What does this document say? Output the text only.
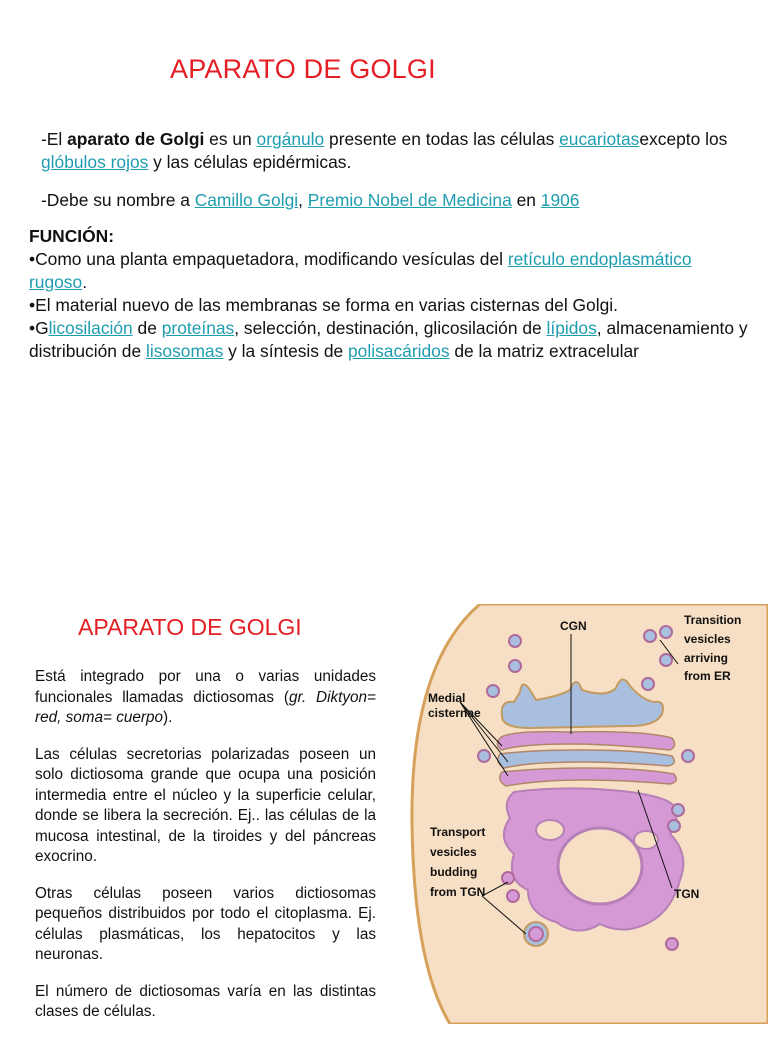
APARATO DE GOLGI

-El aparato de Golgi es un orgánulo presente en todas las células eucariotasexcepto los glóbulos rojos y las células epidérmicas.

-Debe su nombre a Camillo Golgi, Premio Nobel de Medicina en 1906

FUNCIÓN:
•Como una planta empaquetadora, modificando vesículas del retículo endoplasmático rugoso.
•El material nuevo de las membranas se forma en varias cisternas del Golgi.
•Glicosilación de proteínas, selección, destinación, glicosilación de lípidos, almacenamiento y distribución de lisosomas y la síntesis de polisacáridos de la matriz extracelular
APARATO DE GOLGI

Está integrado por una o varias unidades funcionales llamadas dictiosomas (gr. Diktyon= red, soma= cuerpo).

Las células secretorias polarizadas poseen un solo dictiosoma grande que ocupa una posición intermedia entre el núcleo y la superficie celular, donde se libera la secreción. Ej.. las células de la mucosa intestinal, de la tiroides y del páncreas exocrino.

Otras células poseen varios dictiosomas pequeños distribuidos por todo el citoplasma. Ej. células plasmáticas, los hepatocitos y las neuronas.

El número de dictiosomas varía en las distintas clases de células.

CGN
TGN
Medial
cisternae
Transition
vesicles
arriving
from ER
Transport
vesicles
budding
from TGN
